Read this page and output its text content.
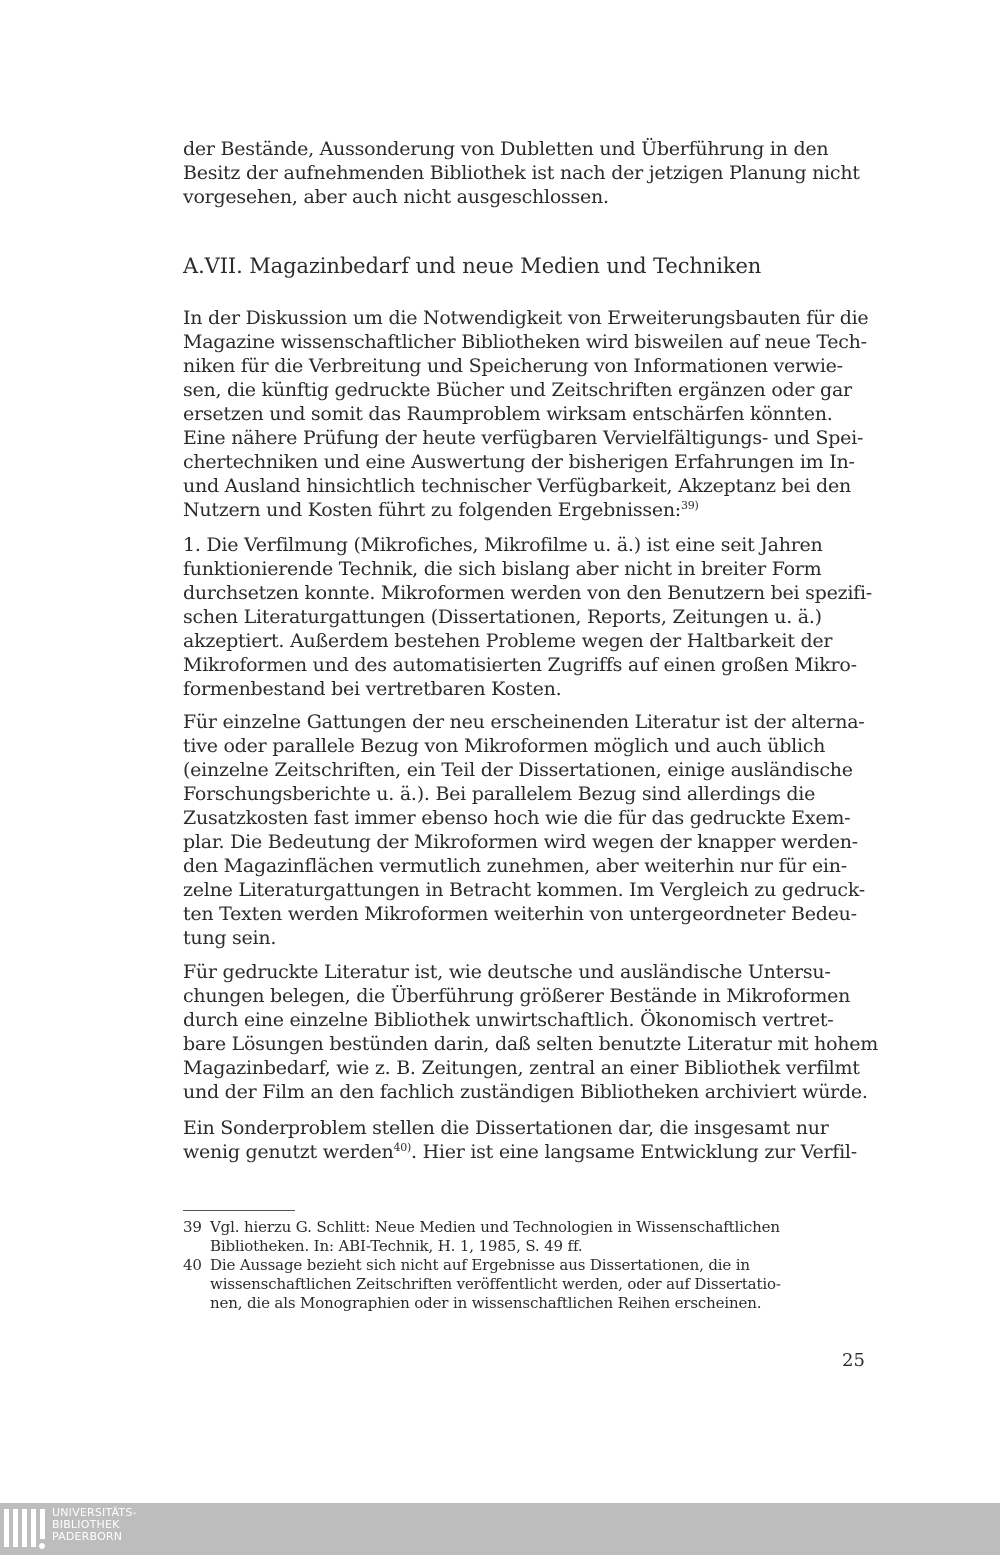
der Bestände, Aussonderung von Dubletten und Überführung in den
Besitz der aufnehmenden Bibliothek ist nach der jetzigen Planung nicht
vorgesehen, aber auch nicht ausgeschlossen.
A.VII. Magazinbedarf und neue Medien und Techniken
In der Diskussion um die Notwendigkeit von Erweiterungsbauten für die
Magazine wissenschaftlicher Bibliotheken wird bisweilen auf neue Tech-
niken für die Verbreitung und Speicherung von Informationen verwie-
sen, die künftig gedruckte Bücher und Zeitschriften ergänzen oder gar
ersetzen und somit das Raumproblem wirksam entschärfen könnten.
Eine nähere Prüfung der heute verfügbaren Vervielfältigungs- und Spei-
chertechniken und eine Auswertung der bisherigen Erfahrungen im In-
und Ausland hinsichtlich technischer Verfügbarkeit, Akzeptanz bei den
Nutzern und Kosten führt zu folgenden Ergebnissen:$^{39)}$
1. Die Verfilmung (Mikrofiches, Mikrofilme u. ä.) ist eine seit Jahren
funktionierende Technik, die sich bislang aber nicht in breiter Form
durchsetzen konnte. Mikroformen werden von den Benutzern bei spezifi-
schen Literaturgattungen (Dissertationen, Reports, Zeitungen u. ä.)
akzeptiert. Außerdem bestehen Probleme wegen der Haltbarkeit der
Mikroformen und des automatisierten Zugriffs auf einen großen Mikro-
formenbestand bei vertretbaren Kosten.
Für einzelne Gattungen der neu erscheinenden Literatur ist der alterna-
tive oder parallele Bezug von Mikroformen möglich und auch üblich
(einzelne Zeitschriften, ein Teil der Dissertationen, einige ausländische
Forschungsberichte u. ä.). Bei parallelem Bezug sind allerdings die
Zusatzkosten fast immer ebenso hoch wie die für das gedruckte Exem-
plar. Die Bedeutung der Mikroformen wird wegen der knapper werden-
den Magazinflächen vermutlich zunehmen, aber weiterhin nur für ein-
zelne Literaturgattungen in Betracht kommen. Im Vergleich zu gedruck-
ten Texten werden Mikroformen weiterhin von untergeordneter Bedeu-
tung sein.
Für gedruckte Literatur ist, wie deutsche und ausländische Untersu-
chungen belegen, die Überführung größerer Bestände in Mikroformen
durch eine einzelne Bibliothek unwirtschaftlich. Ökonomisch vertret-
bare Lösungen bestünden darin, daß selten benutzte Literatur mit hohem
Magazinbedarf, wie z. B. Zeitungen, zentral an einer Bibliothek verfilmt
und der Film an den fachlich zuständigen Bibliotheken archiviert würde.
Ein Sonderproblem stellen die Dissertationen dar, die insgesamt nur
wenig genutzt werden$^{40)}$. Hier ist eine langsame Entwicklung zur Verfil-
39 Vgl. hierzu G. Schlitt: Neue Medien und Technologien in Wissenschaftlichen
Bibliotheken. In: ABI-Technik, H. 1, 1985, S. 49 ff.
40 Die Aussage bezieht sich nicht auf Ergebnisse aus Dissertationen, die in
wissenschaftlichen Zeitschriften veröffentlicht werden, oder auf Dissertatio-
nen, die als Monographien oder in wissenschaftlichen Reihen erscheinen.
25
UNIVERSITÄTS-
BIBLIOTHEK
PADERBORN
